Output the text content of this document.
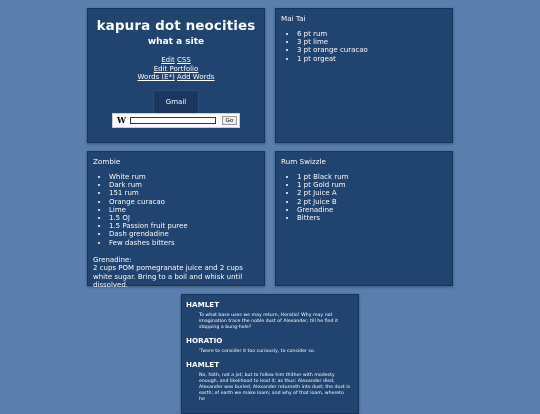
kapura dot neocities
what a site
Edit CSS
Edit Portfolio
Words (E*) Add Words
Gmail
W	Go
Mai Tai
• 6 pt rum
• 3 pt lime
• 3 pt orange curacao
• 1 pt orgeat
Zombie
• White rum
• Dark rum
• 151 rum
• Orange curacao
• Lime
• 1.5 OJ
• 1.5 Passion fruit puree
• Dash grendadine
• Few dashes bitters
Grenadine:
2 cups POM pomegranate juice and 2 cups white sugar. Bring to a boil and whisk until dissolved.
Rum Swizzle
• 1 pt Black rum
• 1 pt Gold rum
• 2 pt Juice A
• 2 pt Juice B
• Grenadine
• Bitters
HAMLET
To what base uses we may return, Horatio! Why may not imagination trace the noble dust of Alexander, till he find it stopping a bung-hole?
HORATIO
'Twere to consider it too curiously, to consider so.
HAMLET
No, faith, not a jot; but to follow him thither with modesty enough, and likelihood to lead it: as thus: Alexander died, Alexander was buried, Alexander returneth into dust; the dust is earth; of earth we make loam; and why of that loam, whereto he
